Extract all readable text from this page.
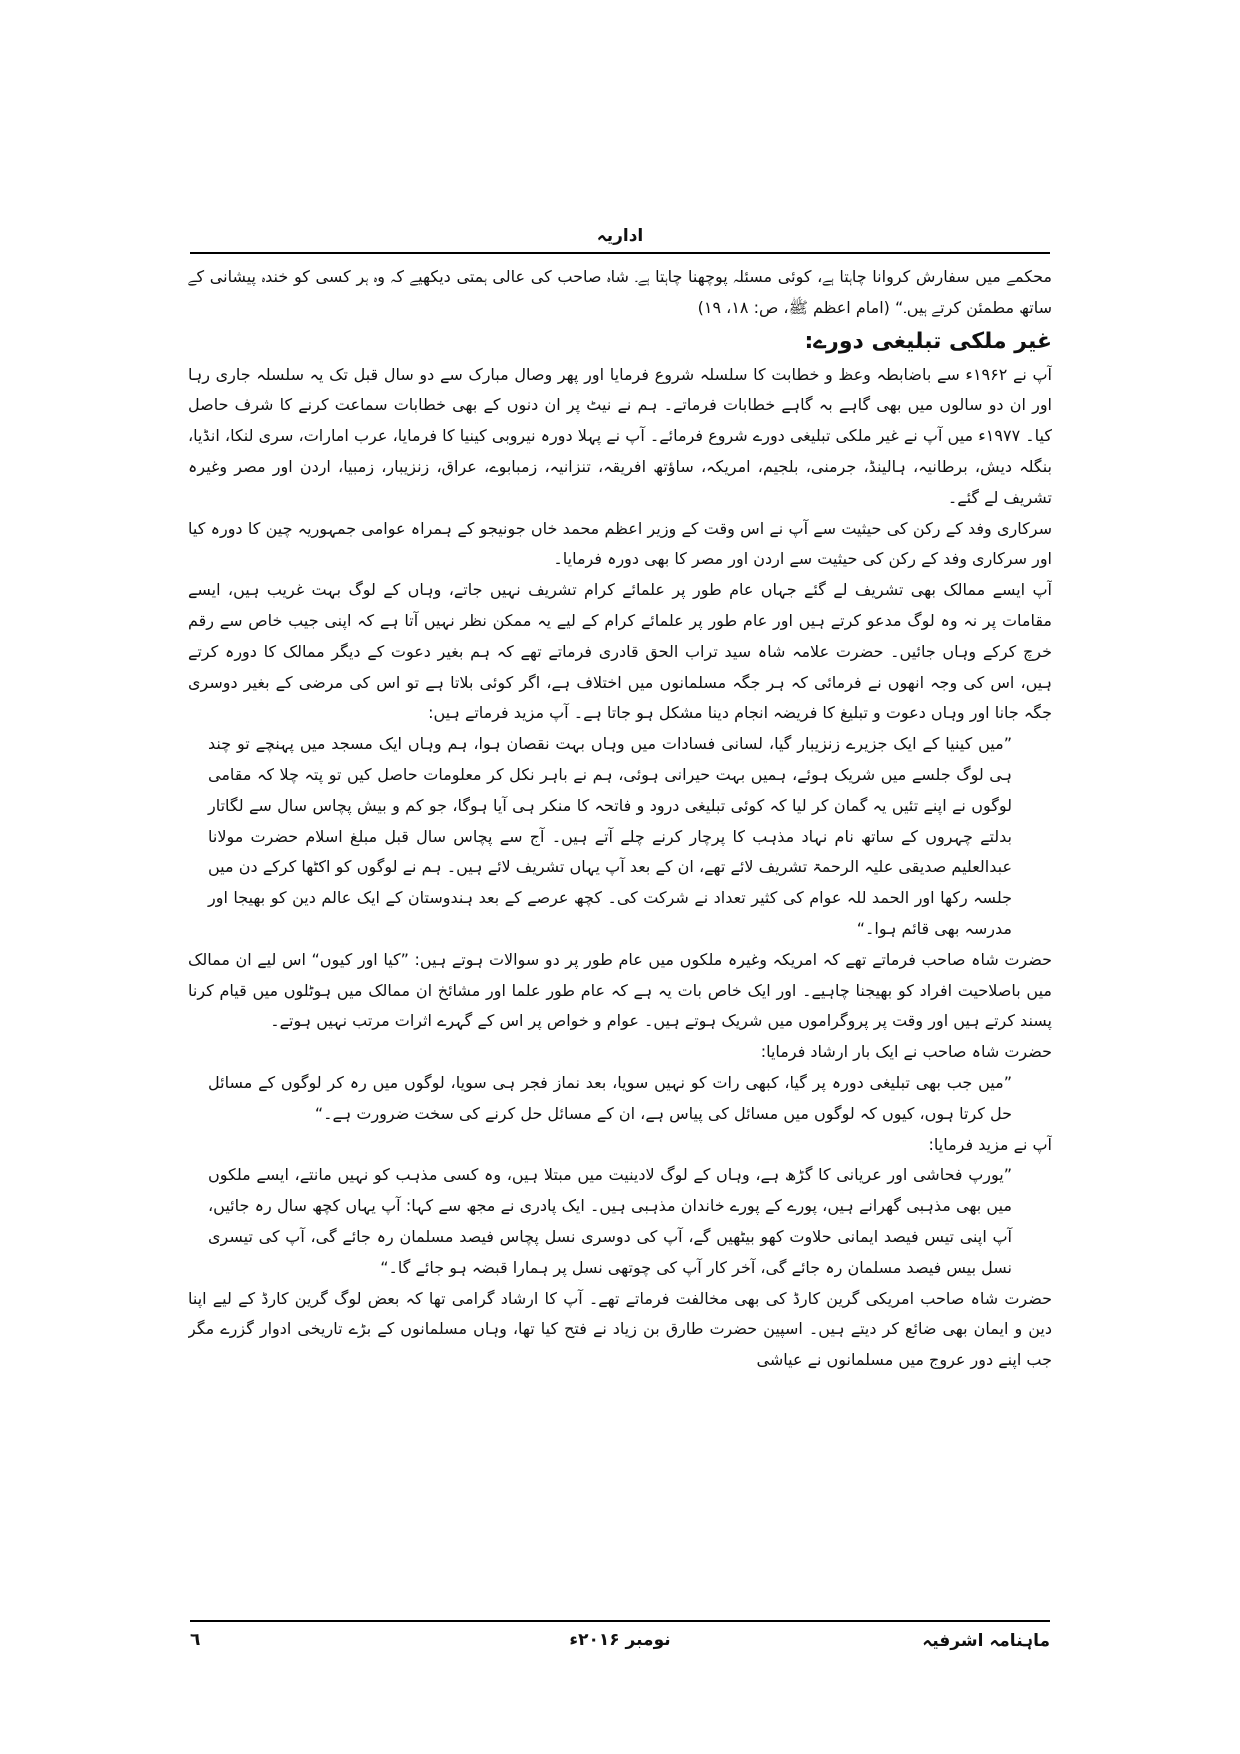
اداریہ

محکمے میں سفارش کروانا چاہتا ہے، کوئی مسئلہ پوچھنا چاہتا ہے۔ شاہ صاحب کی عالی ہمتی دیکھیے کہ وہ ہر کسی کو خندہ پیشانی کے ساتھ مطمئن کرتے ہیں۔“ (امام اعظم ﷺ، ص: ۱۸، ۱۹)

غیر ملکی تبلیغی دورے:

آپ نے ۱۹۶۲ء سے باضابطہ وعظ و خطابت کا سلسلہ شروع فرمایا اور پھر وصال مبارک سے دو سال قبل تک یہ سلسلہ جاری رہا اور ان دو سالوں میں بھی گاہے بہ گاہے خطابات فرماتے۔ ہم نے نیٹ پر ان دنوں کے بھی خطابات سماعت کرنے کا شرف حاصل کیا۔ ۱۹۷۷ء میں آپ نے غیر ملکی تبلیغی دورے شروع فرمائے۔ آپ نے پہلا دورہ نیروبی کینیا کا فرمایا، عرب امارات، سری لنکا، انڈیا، بنگلہ دیش، برطانیہ، ہالینڈ، جرمنی، بلجیم، امریکہ، ساؤتھ افریقہ، تنزانیہ، زمبابوے، عراق، زنزیبار، زمبیا، اردن اور مصر وغیرہ تشریف لے گئے۔

سرکاری وفد کے رکن کی حیثیت سے آپ نے اس وقت کے وزیر اعظم محمد خاں جونیجو کے ہمراہ عوامی جمہوریہ چین کا دورہ کیا اور سرکاری وفد کے رکن کی حیثیت سے اردن اور مصر کا بھی دورہ فرمایا۔

آپ ایسے ممالک بھی تشریف لے گئے جہاں عام طور پر علمائے کرام تشریف نہیں جاتے، وہاں کے لوگ بہت غریب ہیں، ایسے مقامات پر نہ وہ لوگ مدعو کرتے ہیں اور عام طور پر علمائے کرام کے لیے یہ ممکن نظر نہیں آتا ہے کہ اپنی جیب خاص سے رقم خرچ کرکے وہاں جائیں۔ حضرت علامہ شاہ سید تراب الحق قادری فرماتے تھے کہ ہم بغیر دعوت کے دیگر ممالک کا دورہ کرتے ہیں، اس کی وجہ انھوں نے فرمائی کہ ہر جگہ مسلمانوں میں اختلاف ہے، اگر کوئی بلاتا ہے تو اس کی مرضی کے بغیر دوسری جگہ جانا اور وہاں دعوت و تبلیغ کا فریضہ انجام دینا مشکل ہو جاتا ہے۔ آپ مزید فرماتے ہیں:

”میں کینیا کے ایک جزیرے زنزیبار گیا، لسانی فسادات میں وہاں بہت نقصان ہوا، ہم وہاں ایک مسجد میں پہنچے تو چند ہی لوگ جلسے میں شریک ہوئے، ہمیں بہت حیرانی ہوئی، ہم نے باہر نکل کر معلومات حاصل کیں تو پتہ چلا کہ مقامی لوگوں نے اپنے تئیں یہ گمان کر لیا کہ کوئی تبلیغی درود و فاتحہ کا منکر ہی آیا ہوگا، جو کم و بیش پچاس سال سے لگاتار بدلتے چہروں کے ساتھ نام نہاد مذہب کا پرچار کرنے چلے آتے ہیں۔ آج سے پچاس سال قبل مبلغ اسلام حضرت مولانا عبدالعلیم صدیقی علیہ الرحمۃ تشریف لائے تھے، ان کے بعد آپ یہاں تشریف لائے ہیں۔ ہم نے لوگوں کو اکٹھا کرکے دن میں جلسہ رکھا اور الحمد للہ عوام کی کثیر تعداد نے شرکت کی۔ کچھ عرصے کے بعد ہندوستان کے ایک عالم دین کو بھیجا اور مدرسہ بھی قائم ہوا۔“

حضرت شاہ صاحب فرماتے تھے کہ امریکہ وغیرہ ملکوں میں عام طور پر دو سوالات ہوتے ہیں: ”کیا اور کیوں“ اس لیے ان ممالک میں باصلاحیت افراد کو بھیجنا چاہیے۔ اور ایک خاص بات یہ ہے کہ عام طور علما اور مشائخ ان ممالک میں ہوٹلوں میں قیام کرنا پسند کرتے ہیں اور وقت پر پروگراموں میں شریک ہوتے ہیں۔ عوام و خواص پر اس کے گہرے اثرات مرتب نہیں ہوتے۔

حضرت شاہ صاحب نے ایک بار ارشاد فرمایا:

”میں جب بھی تبلیغی دورہ پر گیا، کبھی رات کو نہیں سویا، بعد نماز فجر ہی سویا، لوگوں میں رہ کر لوگوں کے مسائل حل کرتا ہوں، کیوں کہ لوگوں میں مسائل کی پیاس ہے، ان کے مسائل حل کرنے کی سخت ضرورت ہے۔“

آپ نے مزید فرمایا:

”یورپ فحاشی اور عریانی کا گڑھ ہے، وہاں کے لوگ لادینیت میں مبتلا ہیں، وہ کسی مذہب کو نہیں مانتے، ایسے ملکوں میں بھی مذہبی گھرانے ہیں، پورے کے پورے خاندان مذہبی ہیں۔ ایک پادری نے مجھ سے کہا: آپ یہاں کچھ سال رہ جائیں، آپ اپنی تیس فیصد ایمانی حلاوت کھو بیٹھیں گے، آپ کی دوسری نسل پچاس فیصد مسلمان رہ جائے گی، آپ کی تیسری نسل بیس فیصد مسلمان رہ جائے گی، آخر کار آپ کی چوتھی نسل پر ہمارا قبضہ ہو جائے گا۔“

حضرت شاہ صاحب امریکی گرین کارڈ کی بھی مخالفت فرماتے تھے۔ آپ کا ارشاد گرامی تھا کہ بعض لوگ گرین کارڈ کے لیے اپنا دین و ایمان بھی ضائع کر دیتے ہیں۔ اسپین حضرت طارق بن زیاد نے فتح کیا تھا، وہاں مسلمانوں کے بڑے تاریخی ادوار گزرے مگر جب اپنے دور عروج میں مسلمانوں نے عیاشی

ماہنامہ اشرفیہ
نومبر ۲۰۱۶ء
٦
